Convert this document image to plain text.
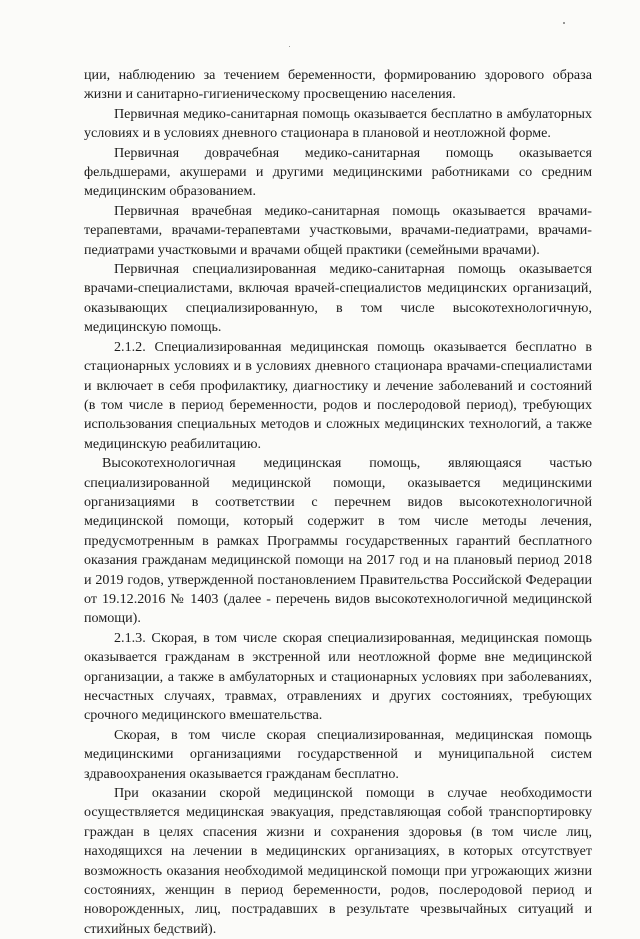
ции, наблюдению за течением беременности, формированию здорового образа жизни и санитарно-гигиеническому просвещению населения.

Первичная медико-санитарная помощь оказывается бесплатно в амбулаторных условиях и в условиях дневного стационара в плановой и неотложной форме.

Первичная доврачебная медико-санитарная помощь оказывается фельдшерами, акушерами и другими медицинскими работниками со средним медицинским образованием.

Первичная врачебная медико-санитарная помощь оказывается врачами-терапевтами, врачами-терапевтами участковыми, врачами-педиатрами, врачами-педиатрами участковыми и врачами общей практики (семейными врачами).

Первичная специализированная медико-санитарная помощь оказывается врачами-специалистами, включая врачей-специалистов медицинских организаций, оказывающих специализированную, в том числе высокотехнологичную, медицинскую помощь.

2.1.2. Специализированная медицинская помощь оказывается бесплатно в стационарных условиях и в условиях дневного стационара врачами-специалистами и включает в себя профилактику, диагностику и лечение заболеваний и состояний (в том числе в период беременности, родов и послеродовой период), требующих использования специальных методов и сложных медицинских технологий, а также медицинскую реабилитацию.

Высокотехнологичная медицинская помощь, являющаяся частью специализированной медицинской помощи, оказывается медицинскими организациями в соответствии с перечнем видов высокотехнологичной медицинской помощи, который содержит в том числе методы лечения, предусмотренным в рамках Программы государственных гарантий бесплатного оказания гражданам медицинской помощи на 2017 год и на плановый период 2018 и 2019 годов, утвержденной постановлением Правительства Российской Федерации от 19.12.2016 № 1403 (далее - перечень видов высокотехнологичной медицинской помощи).

2.1.3. Скорая, в том числе скорая специализированная, медицинская помощь оказывается гражданам в экстренной или неотложной форме вне медицинской организации, а также в амбулаторных и стационарных условиях при заболеваниях, несчастных случаях, травмах, отравлениях и других состояниях, требующих срочного медицинского вмешательства.

Скорая, в том числе скорая специализированная, медицинская помощь медицинскими организациями государственной и муниципальной систем здравоохранения оказывается гражданам бесплатно.

При оказании скорой медицинской помощи в случае необходимости осуществляется медицинская эвакуация, представляющая собой транспортировку граждан в целях спасения жизни и сохранения здоровья (в том числе лиц, находящихся на лечении в медицинских организациях, в которых отсутствует возможность оказания необходимой медицинской помощи при угрожающих жизни состояниях, женщин в период беременности, родов, послеродовой период и новорожденных, лиц, пострадавших в результате чрезвычайных ситуаций и стихийных бедствий).
